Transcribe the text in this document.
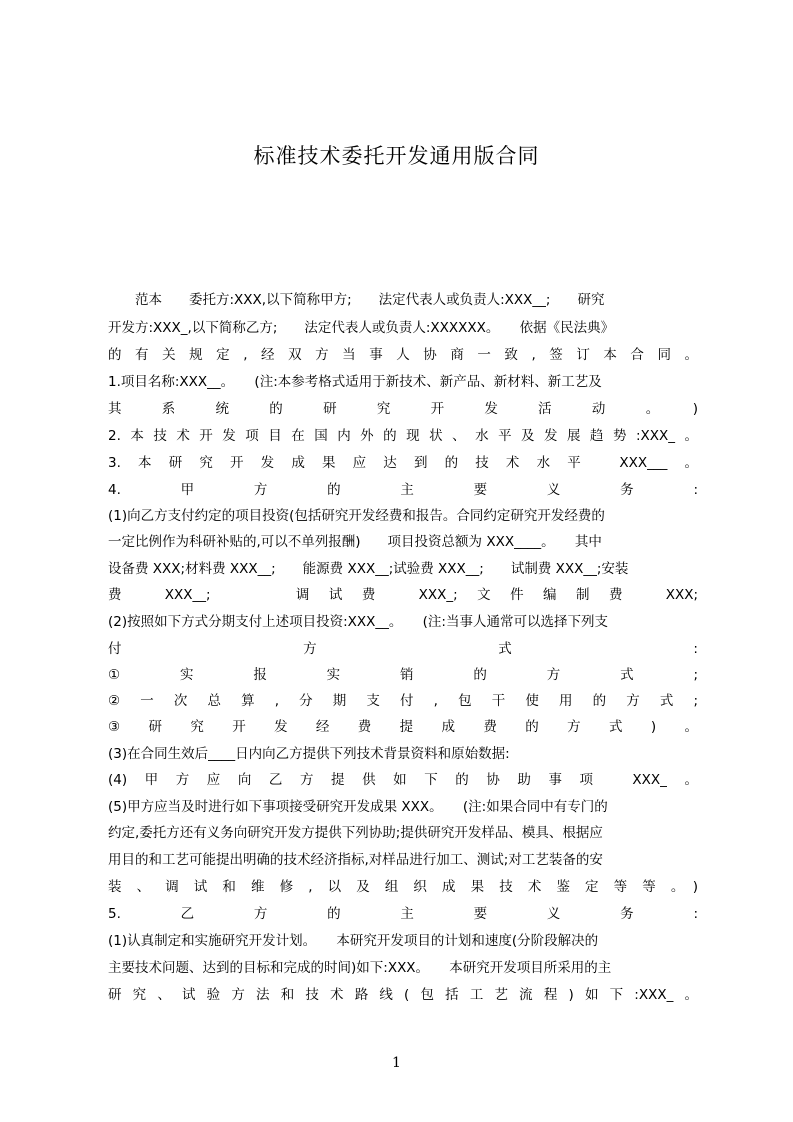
标准技术委托开发通用版合同
　　范本　　委托方:XXX,以下简称甲方;　　法定代表人或负责人:XXX__;　　研究
开发方:XXX_,以下简称乙方;　　法定代表人或负责人:XXXXXX。　　依据《民法典》
的有关规定,经双方当事人协商一致,签订本合同。
1.项目名称:XXX__。　　(注:本参考格式适用于新技术、新产品、新材料、新工艺及
其系统的研究开发活动。)
2.本技术开发项目在国内外的现状、水平及发展趋势:XXX_。
3.本研究开发成果应达到的技术水平 XXX___。
4.甲方的主要义务:
(1)向乙方支付约定的项目投资(包括研究开发经费和报告。合同约定研究开发经费的
一定比例作为科研补贴的,可以不单列报酬)　　项目投资总额为 XXX____。　　其中
设备费 XXX;材料费 XXX__;　　能源费 XXX__;试验费 XXX__;　　试制费 XXX__;安装
费 XXX__;　　调试费 XXX_;文件编制费 XXX;
(2)按照如下方式分期支付上述项目投资:XXX__。　　(注:当事人通常可以选择下列支
付方式:
①实报实销的方式;
②一次总算,分期支付,包干使用的方式;
③研究开发经费提成费的方式)。
(3)在合同生效后____日内向乙方提供下列技术背景资料和原始数据:
(4)甲方应向乙方提供如下的协助事项 XXX_。
(5)甲方应当及时进行如下事项接受研究开发成果 XXX。　　(注:如果合同中有专门的
约定,委托方还有义务向研究开发方提供下列协助;提供研究开发样品、模具、根据应
用目的和工艺可能提出明确的技术经济指标,对样品进行加工、测试;对工艺装备的安
装、调试和维修,以及组织成果技术鉴定等等。)
5.乙方的主要义务:
(1)认真制定和实施研究开发计划。　　本研究开发项目的计划和速度(分阶段解决的
主要技术问题、达到的目标和完成的时间)如下:XXX。　　本研究开发项目所采用的主
研究、试验方法和技术路线(包括工艺流程)如下:XXX_。
1
